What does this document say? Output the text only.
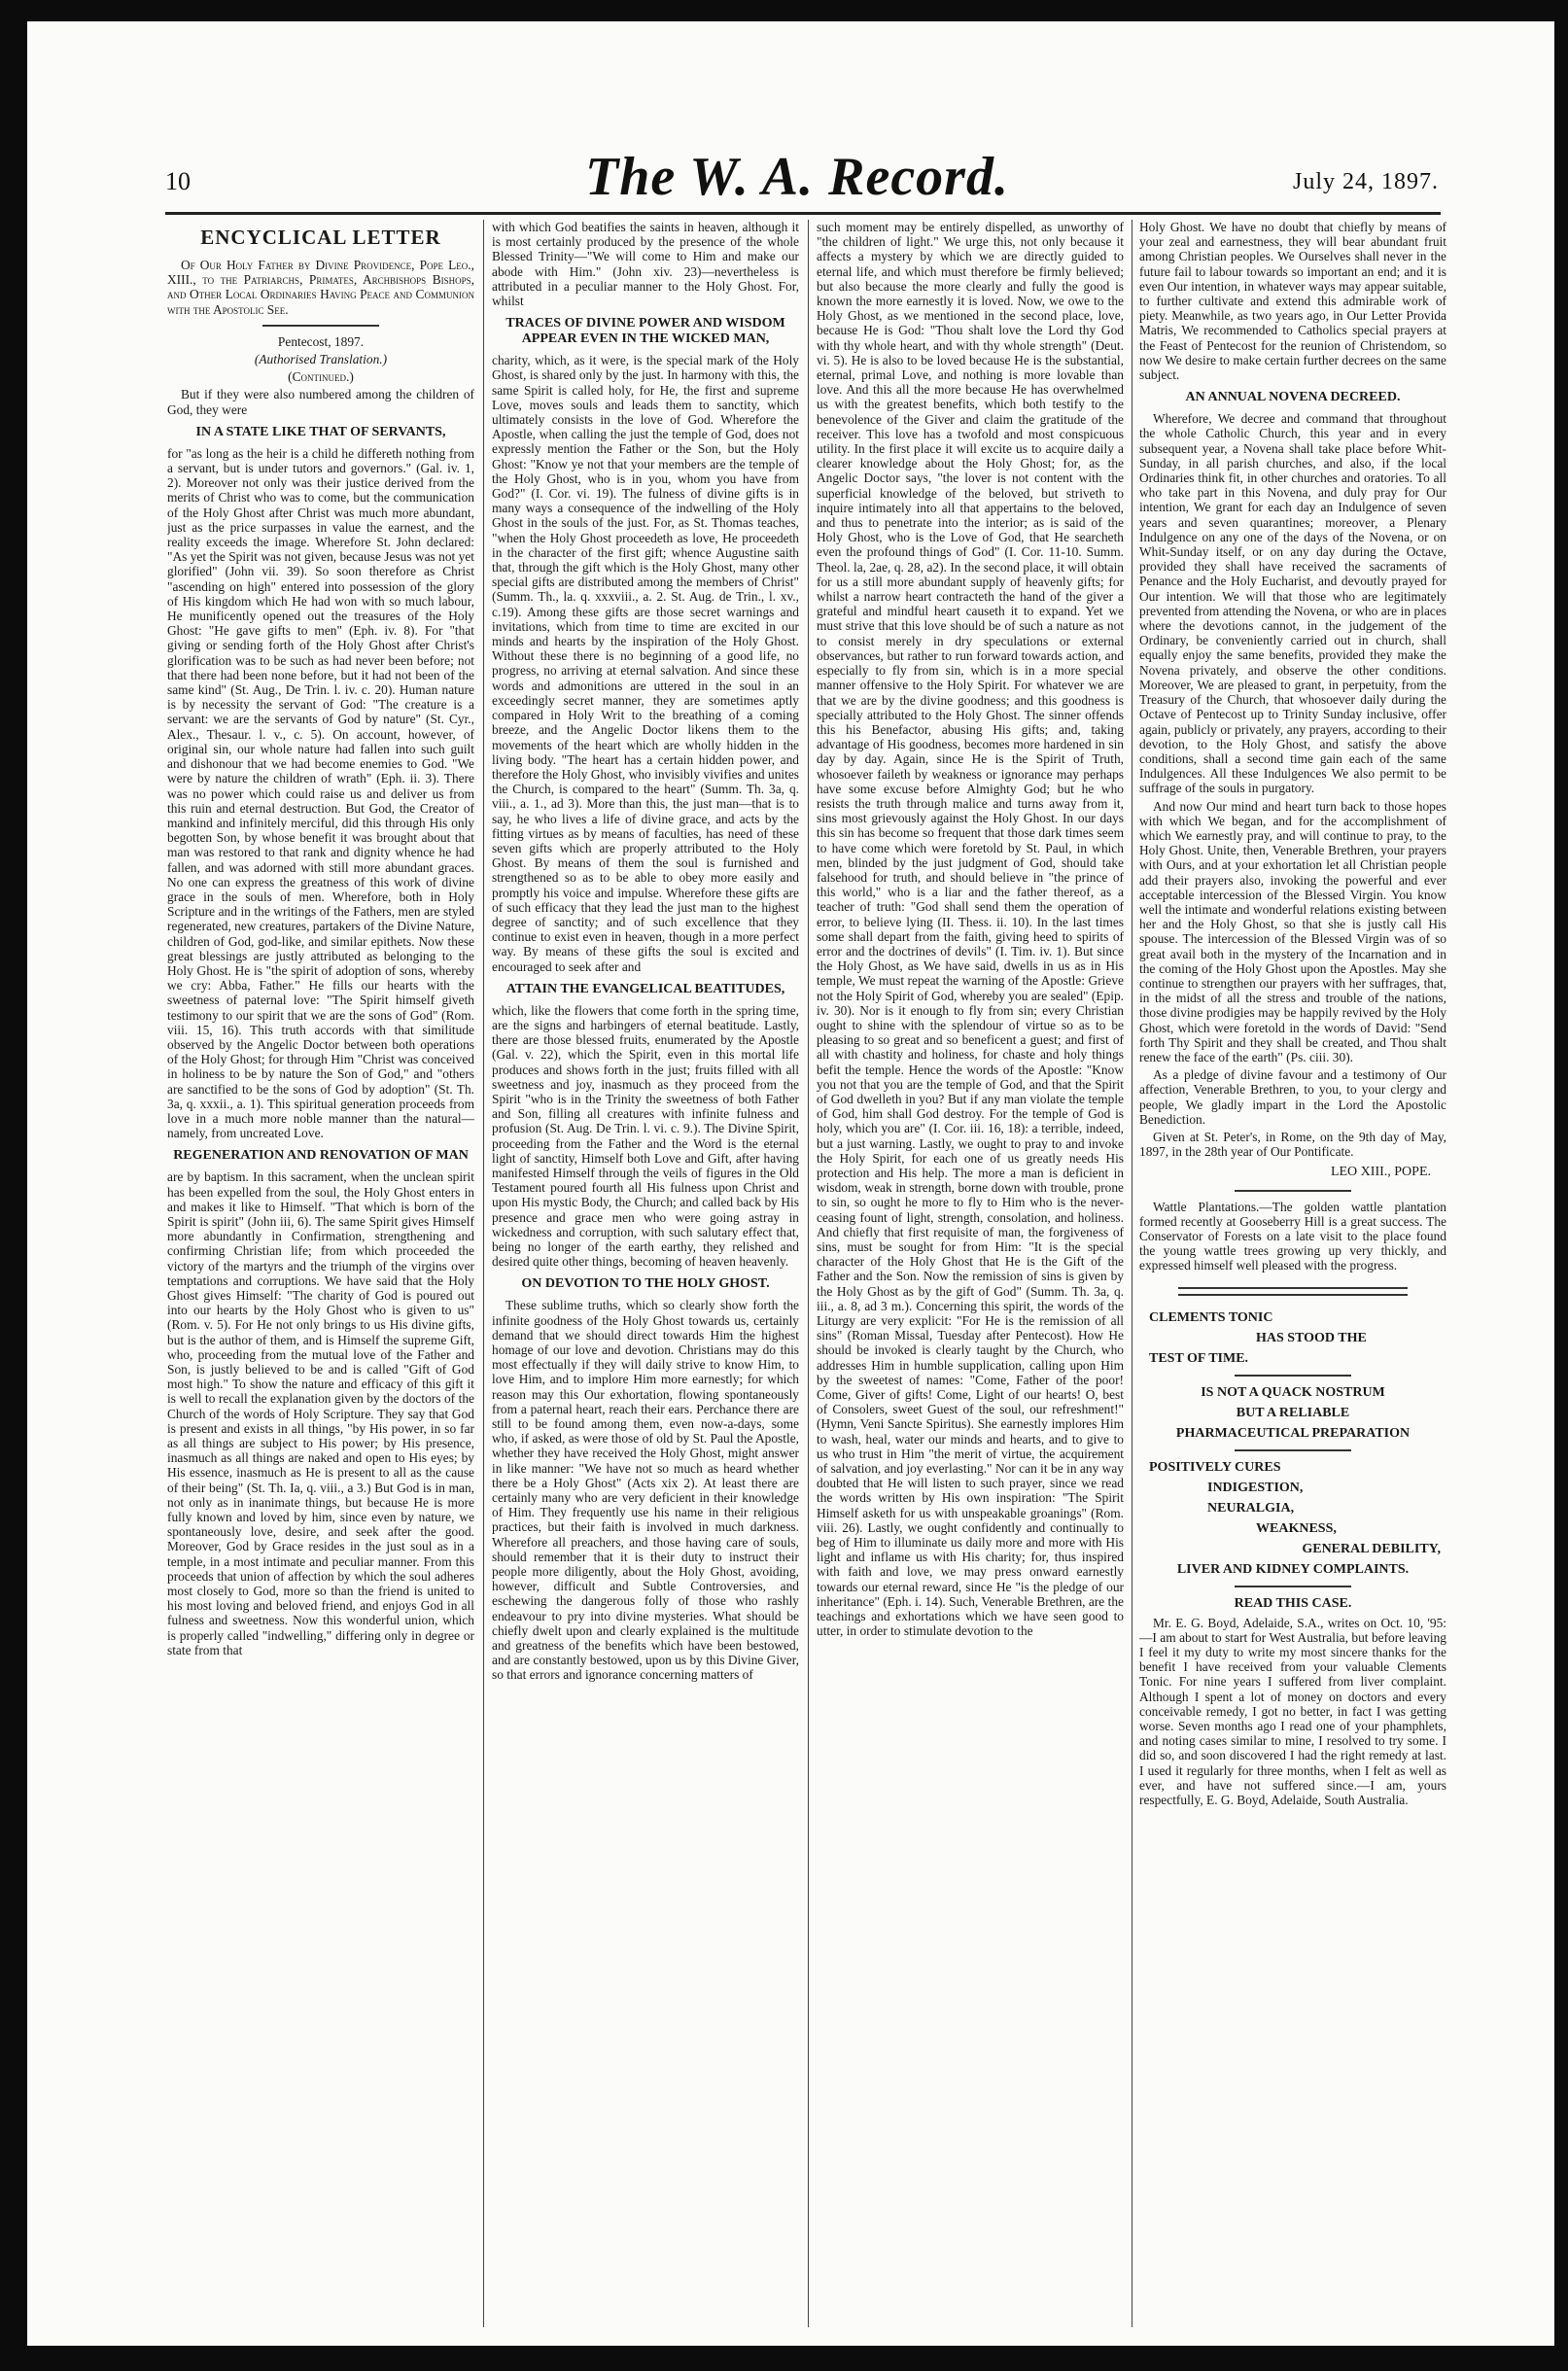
10	The W. A. Record.	July 24, 1897.
ENCYCLICAL LETTER

Of Our Holy Father by Divine Providence, Pope Leo., XIII., to the Patriarchs, Primates, Archbishops Bishops, and Other Local Ordinaries Having Peace and Communion with the Apostolic See.

Pentecost, 1897.

(Authorised Translation.)

(Continued.)

But if they were also numbered among the children of God, they were

IN A STATE LIKE THAT OF SERVANTS,

for "as long as the heir is a child he differeth nothing from a servant, but is under tutors and governors." (Gal. iv. 1, 2). Moreover not only was their justice derived from the merits of Christ who was to come, but the communication of the Holy Ghost after Christ was much more abundant, just as the price surpasses in value the earnest, and the reality exceeds the image. Wherefore St. John declared: "As yet the Spirit was not given, because Jesus was not yet glorified" (John vii. 39). So soon therefore as Christ "ascending on high" entered into possession of the glory of His kingdom which He had won with so much labour, He munificently opened out the treasures of the Holy Ghost: "He gave gifts to men" (Eph. iv. 8). For "that giving or sending forth of the Holy Ghost after Christ's glorification was to be such as had never been before; not that there had been none before, but it had not been of the same kind" (St. Aug., De Trin. l. iv. c. 20). Human nature is by necessity the servant of God: "The creature is a servant: we are the servants of God by nature" (St. Cyr., Alex., Thesaur. l. v., c. 5). On account, however, of original sin, our whole nature had fallen into such guilt and dishonour that we had become enemies to God. "We were by nature the children of wrath" (Eph. ii. 3). There was no power which could raise us and deliver us from this ruin and eternal destruction. But God, the Creator of mankind and infinitely merciful, did this through His only begotten Son, by whose benefit it was brought about that man was restored to that rank and dignity whence he had fallen, and was adorned with still more abundant graces. No one can express the greatness of this work of divine grace in the souls of men. Wherefore, both in Holy Scripture and in the writings of the Fathers, men are styled regenerated, new creatures, partakers of the Divine Nature, children of God, god-like, and similar epithets. Now these great blessings are justly attributed as belonging to the Holy Ghost. He is "the spirit of adoption of sons, whereby we cry: Abba, Father." He fills our hearts with the sweetness of paternal love: "The Spirit himself giveth testimony to our spirit that we are the sons of God" (Rom. viii. 15, 16). This truth accords with that similitude observed by the Angelic Doctor between both operations of the Holy Ghost; for through Him "Christ was conceived in holiness to be by nature the Son of God," and "others are sanctified to be the sons of God by adoption" (St. Th. 3a, q. xxxii., a. 1). This spiritual generation proceeds from love in a much more noble manner than the natural—namely, from uncreated Love.

REGENERATION AND RENOVATION OF MAN

are by baptism. In this sacrament, when the unclean spirit has been expelled from the soul, the Holy Ghost enters in and makes it like to Himself. "That which is born of the Spirit is spirit" (John iii, 6). The same Spirit gives Himself more abundantly in Confirmation, strengthening and confirming Christian life; from which proceeded the victory of the martyrs and the triumph of the virgins over temptations and corruptions. We have said that the Holy Ghost gives Himself: "The charity of God is poured out into our hearts by the Holy Ghost who is given to us" (Rom. v. 5). For He not only brings to us His divine gifts, but is the author of them, and is Himself the supreme Gift, who, proceeding from the mutual love of the Father and Son, is justly believed to be and is called "Gift of God most high." To show the nature and efficacy of this gift it is well to recall the explanation given by the doctors of the Church of the words of Holy Scripture. They say that God is present and exists in all things, "by His power, in so far as all things are subject to His power; by His presence, inasmuch as all things are naked and open to His eyes; by His essence, inasmuch as He is present to all as the cause of their being" (St. Th. Ia, q. viii., a 3.) But God is in man, not only as in inanimate things, but because He is more fully known and loved by him, since even by nature, we spontaneously love, desire, and seek after the good. Moreover, God by Grace resides in the just soul as in a temple, in a most intimate and peculiar manner. From this proceeds that union of affection by which the soul adheres most closely to God, more so than the friend is united to his most loving and beloved friend, and enjoys God in all fulness and sweetness. Now this wonderful union, which is properly called "indwelling," differing only in degree or state from that

with which God beatifies the saints in heaven, although it is most certainly produced by the presence of the whole Blessed Trinity—"We will come to Him and make our abode with Him." (John xiv. 23)—nevertheless is attributed in a peculiar manner to the Holy Ghost. For, whilst

TRACES OF DIVINE POWER AND WISDOM APPEAR EVEN IN THE WICKED MAN,

charity, which, as it were, is the special mark of the Holy Ghost, is shared only by the just. In harmony with this, the same Spirit is called holy, for He, the first and supreme Love, moves souls and leads them to sanctity, which ultimately consists in the love of God. Wherefore the Apostle, when calling the just the temple of God, does not expressly mention the Father or the Son, but the Holy Ghost: "Know ye not that your members are the temple of the Holy Ghost, who is in you, whom you have from God?" (I. Cor. vi. 19). The fulness of divine gifts is in many ways a consequence of the indwelling of the Holy Ghost in the souls of the just. For, as St. Thomas teaches, "when the Holy Ghost proceedeth as love, He proceedeth in the character of the first gift; whence Augustine saith that, through the gift which is the Holy Ghost, many other special gifts are distributed among the members of Christ" (Summ. Th., la. q. xxxviii., a. 2. St. Aug. de Trin., l. xv., c.19). Among these gifts are those secret warnings and invitations, which from time to time are excited in our minds and hearts by the inspiration of the Holy Ghost. Without these there is no beginning of a good life, no progress, no arriving at eternal salvation. And since these words and admonitions are uttered in the soul in an exceedingly secret manner, they are sometimes aptly compared in Holy Writ to the breathing of a coming breeze, and the Angelic Doctor likens them to the movements of the heart which are wholly hidden in the living body. "The heart has a certain hidden power, and therefore the Holy Ghost, who invisibly vivifies and unites the Church, is compared to the heart" (Summ. Th. 3a, q. viii., a. 1., ad 3). More than this, the just man—that is to say, he who lives a life of divine grace, and acts by the fitting virtues as by means of faculties, has need of these seven gifts which are properly attributed to the Holy Ghost. By means of them the soul is furnished and strengthened so as to be able to obey more easily and promptly his voice and impulse. Wherefore these gifts are of such efficacy that they lead the just man to the highest degree of sanctity; and of such excellence that they continue to exist even in heaven, though in a more perfect way. By means of these gifts the soul is excited and encouraged to seek after and

ATTAIN THE EVANGELICAL BEATITUDES,

which, like the flowers that come forth in the spring time, are the signs and harbingers of eternal beatitude. Lastly, there are those blessed fruits, enumerated by the Apostle (Gal. v. 22), which the Spirit, even in this mortal life produces and shows forth in the just; fruits filled with all sweetness and joy, inasmuch as they proceed from the Spirit "who is in the Trinity the sweetness of both Father and Son, filling all creatures with infinite fulness and profusion (St. Aug. De Trin. l. vi. c. 9.). The Divine Spirit, proceeding from the Father and the Word is the eternal light of sanctity, Himself both Love and Gift, after having manifested Himself through the veils of figures in the Old Testament poured fourth all His fulness upon Christ and upon His mystic Body, the Church; and called back by His presence and grace men who were going astray in wickedness and corruption, with such salutary effect that, being no longer of the earth earthy, they relished and desired quite other things, becoming of heaven heavenly.

ON DEVOTION TO THE HOLY GHOST.

These sublime truths, which so clearly show forth the infinite goodness of the Holy Ghost towards us, certainly demand that we should direct towards Him the highest homage of our love and devotion. Christians may do this most effectually if they will daily strive to know Him, to love Him, and to implore Him more earnestly; for which reason may this Our exhortation, flowing spontaneously from a paternal heart, reach their ears. Perchance there are still to be found among them, even now-a-days, some who, if asked, as were those of old by St. Paul the Apostle, whether they have received the Holy Ghost, might answer in like manner: "We have not so much as heard whether there be a Holy Ghost" (Acts xix 2). At least there are certainly many who are very deficient in their knowledge of Him. They frequently use his name in their religious practices, but their faith is involved in much darkness. Wherefore all preachers, and those having care of souls, should remember that it is their duty to instruct their people more diligently, about the Holy Ghost, avoiding, however, difficult and Subtle Controversies, and eschewing the dangerous folly of those who rashly endeavour to pry into divine mysteries. What should be chiefly dwelt upon and clearly explained is the multitude and greatness of the benefits which have been bestowed, and are constantly bestowed, upon us by this Divine Giver, so that errors and ignorance concerning matters of

such moment may be entirely dispelled, as unworthy of "the children of light." We urge this, not only because it affects a mystery by which we are directly guided to eternal life, and which must therefore be firmly believed; but also because the more clearly and fully the good is known the more earnestly it is loved. Now, we owe to the Holy Ghost, as we mentioned in the second place, love, because He is God: "Thou shalt love the Lord thy God with thy whole heart, and with thy whole strength" (Deut. vi. 5). He is also to be loved because He is the substantial, eternal, primal Love, and nothing is more lovable than love. And this all the more because He has overwhelmed us with the greatest benefits, which both testify to the benevolence of the Giver and claim the gratitude of the receiver. This love has a twofold and most conspicuous utility. In the first place it will excite us to acquire daily a clearer knowledge about the Holy Ghost; for, as the Angelic Doctor says, "the lover is not content with the superficial knowledge of the beloved, but striveth to inquire intimately into all that appertains to the beloved, and thus to penetrate into the interior; as is said of the Holy Ghost, who is the Love of God, that He searcheth even the profound things of God" (I. Cor. 11-10. Summ. Theol. la, 2ae, q. 28, a2). In the second place, it will obtain for us a still more abundant supply of heavenly gifts; for whilst a narrow heart contracteth the hand of the giver a grateful and mindful heart causeth it to expand. Yet we must strive that this love should be of such a nature as not to consist merely in dry speculations or external observances, but rather to run forward towards action, and especially to fly from sin, which is in a more special manner offensive to the Holy Spirit. For whatever we are that we are by the divine goodness; and this goodness is specially attributed to the Holy Ghost. The sinner offends this his Benefactor, abusing His gifts; and, taking advantage of His goodness, becomes more hardened in sin day by day. Again, since He is the Spirit of Truth, whosoever faileth by weakness or ignorance may perhaps have some excuse before Almighty God; but he who resists the truth through malice and turns away from it, sins most grievously against the Holy Ghost. In our days this sin has become so frequent that those dark times seem to have come which were foretold by St. Paul, in which men, blinded by the just judgment of God, should take falsehood for truth, and should believe in "the prince of this world," who is a liar and the father thereof, as a teacher of truth: "God shall send them the operation of error, to believe lying (II. Thess. ii. 10). In the last times some shall depart from the faith, giving heed to spirits of error and the doctrines of devils" (I. Tim. iv. 1). But since the Holy Ghost, as We have said, dwells in us as in His temple, We must repeat the warning of the Apostle: Grieve not the Holy Spirit of God, whereby you are sealed" (Epip. iv. 30). Nor is it enough to fly from sin; every Christian ought to shine with the splendour of virtue so as to be pleasing to so great and so beneficent a guest; and first of all with chastity and holiness, for chaste and holy things befit the temple. Hence the words of the Apostle: "Know you not that you are the temple of God, and that the Spirit of God dwelleth in you? But if any man violate the temple of God, him shall God destroy. For the temple of God is holy, which you are" (I. Cor. iii. 16, 18): a terrible, indeed, but a just warning. Lastly, we ought to pray to and invoke the Holy Spirit, for each one of us greatly needs His protection and His help. The more a man is deficient in wisdom, weak in strength, borne down with trouble, prone to sin, so ought he more to fly to Him who is the never-ceasing fount of light, strength, consolation, and holiness. And chiefly that first requisite of man, the forgiveness of sins, must be sought for from Him: "It is the special character of the Holy Ghost that He is the Gift of the Father and the Son. Now the remission of sins is given by the Holy Ghost as by the gift of God" (Summ. Th. 3a, q. iii., a. 8, ad 3 m.). Concerning this spirit, the words of the Liturgy are very explicit: "For He is the remission of all sins" (Roman Missal, Tuesday after Pentecost). How He should be invoked is clearly taught by the Church, who addresses Him in humble supplication, calling upon Him by the sweetest of names: "Come, Father of the poor! Come, Giver of gifts! Come, Light of our hearts! O, best of Consolers, sweet Guest of the soul, our refreshment!" (Hymn, Veni Sancte Spiritus). She earnestly implores Him to wash, heal, water our minds and hearts, and to give to us who trust in Him "the merit of virtue, the acquirement of salvation, and joy everlasting." Nor can it be in any way doubted that He will listen to such prayer, since we read the words written by His own inspiration: "The Spirit Himself asketh for us with unspeakable groanings" (Rom. viii. 26). Lastly, we ought confidently and continually to beg of Him to illuminate us daily more and more with His light and inflame us with His charity; for, thus inspired with faith and love, we may press onward earnestly towards our eternal reward, since He "is the pledge of our inheritance" (Eph. i. 14). Such, Venerable Brethren, are the teachings and exhortations which we have seen good to utter, in order to stimulate devotion to the

Holy Ghost. We have no doubt that chiefly by means of your zeal and earnestness, they will bear abundant fruit among Christian peoples. We Ourselves shall never in the future fail to labour towards so important an end; and it is even Our intention, in whatever ways may appear suitable, to further cultivate and extend this admirable work of piety. Meanwhile, as two years ago, in Our Letter Provida Matris, We recommended to Catholics special prayers at the Feast of Pentecost for the reunion of Christendom, so now We desire to make certain further decrees on the same subject.

AN ANNUAL NOVENA DECREED.

Wherefore, We decree and command that throughout the whole Catholic Church, this year and in every subsequent year, a Novena shall take place before Whit-Sunday, in all parish churches, and also, if the local Ordinaries think fit, in other churches and oratories. To all who take part in this Novena, and duly pray for Our intention, We grant for each day an Indulgence of seven years and seven quarantines; moreover, a Plenary Indulgence on any one of the days of the Novena, or on Whit-Sunday itself, or on any day during the Octave, provided they shall have received the sacraments of Penance and the Holy Eucharist, and devoutly prayed for Our intention. We will that those who are legitimately prevented from attending the Novena, or who are in places where the devotions cannot, in the judgement of the Ordinary, be conveniently carried out in church, shall equally enjoy the same benefits, provided they make the Novena privately, and observe the other conditions. Moreover, We are pleased to grant, in perpetuity, from the Treasury of the Church, that whosoever daily during the Octave of Pentecost up to Trinity Sunday inclusive, offer again, publicly or privately, any prayers, according to their devotion, to the Holy Ghost, and satisfy the above conditions, shall a second time gain each of the same Indulgences. All these Indulgences We also permit to be suffrage of the souls in purgatory.

And now Our mind and heart turn back to those hopes with which We began, and for the accomplishment of which We earnestly pray, and will continue to pray, to the Holy Ghost. Unite, then, Venerable Brethren, your prayers with Ours, and at your exhortation let all Christian people add their prayers also, invoking the powerful and ever acceptable intercession of the Blessed Virgin. You know well the intimate and wonderful relations existing between her and the Holy Ghost, so that she is justly call His spouse. The intercession of the Blessed Virgin was of so great avail both in the mystery of the Incarnation and in the coming of the Holy Ghost upon the Apostles. May she continue to strengthen our prayers with her suffrages, that, in the midst of all the stress and trouble of the nations, those divine prodigies may be happily revived by the Holy Ghost, which were foretold in the words of David: "Send forth Thy Spirit and they shall be created, and Thou shalt renew the face of the earth" (Ps. ciii. 30).

As a pledge of divine favour and a testimony of Our affection, Venerable Brethren, to you, to your clergy and people, We gladly impart in the Lord the Apostolic Benediction.

Given at St. Peter's, in Rome, on the 9th day of May, 1897, in the 28th year of Our Pontificate.

LEO XIII., POPE.

Wattle Plantations.—The golden wattle plantation formed recently at Gooseberry Hill is a great success. The Conservator of Forests on a late visit to the place found the young wattle trees growing up very thickly, and expressed himself well pleased with the progress.

CLEMENTS TONIC
HAS STOOD THE
TEST OF TIME.
IS NOT A QUACK NOSTRUM
BUT A RELIABLE
PHARMACEUTICAL PREPARATION
POSITIVELY CURES
INDIGESTION,
NEURALGIA,
WEAKNESS,
GENERAL DEBILITY,
LIVER AND KIDNEY COMPLAINTS.
READ THIS CASE.

Mr. E. G. Boyd, Adelaide, S.A., writes on Oct. 10, '95:—I am about to start for West Australia, but before leaving I feel it my duty to write my most sincere thanks for the benefit I have received from your valuable Clements Tonic. For nine years I suffered from liver complaint. Although I spent a lot of money on doctors and every conceivable remedy, I got no better, in fact I was getting worse. Seven months ago I read one of your phamphlets, and noting cases similar to mine, I resolved to try some. I did so, and soon discovered I had the right remedy at last. I used it regularly for three months, when I felt as well as ever, and have not suffered since.—I am, yours respectfully, E. G. Boyd, Adelaide, South Australia.
